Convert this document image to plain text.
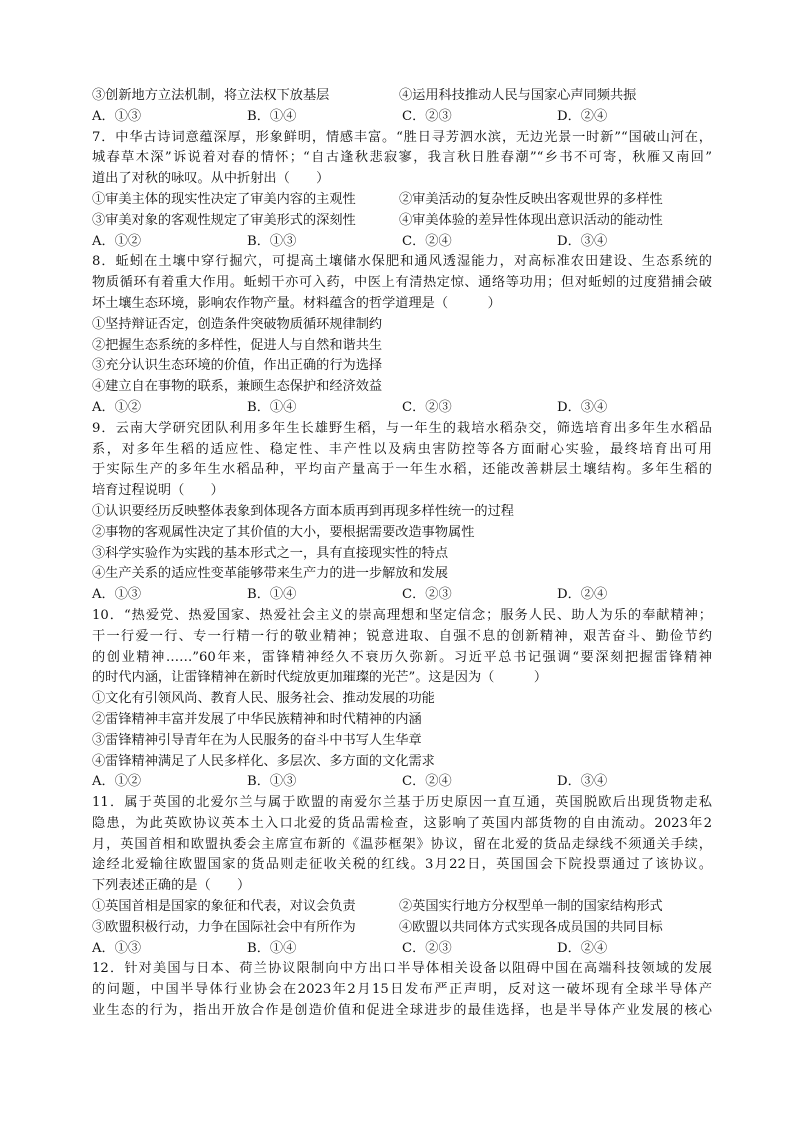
③创新地方立法机制，将立法权下放基层	④运用科技推动人民与国家心声同频共振
A．①③	B．①④	C．②③	D．②④
7．中华古诗词意蕴深厚，形象鲜明，情感丰富。“胜日寻芳泗水滨，无边光景一时新”“国破山河在，
城春草木深”诉说着对春的情怀；“自古逢秋悲寂寥，我言秋日胜春潮”“乡书不可寄，秋雁又南回”
道出了对秋的咏叹。从中折射出（　　）
①审美主体的现实性决定了审美内容的主观性	②审美活动的复杂性反映出客观世界的多样性
③审美对象的客观性规定了审美形式的深刻性	④审美体验的差异性体现出意识活动的能动性
A．①②	B．①③	C．②④	D．③④
8．蚯蚓在土壤中穿行掘穴，可提高土壤储水保肥和通风透湿能力，对高标准农田建设、生态系统的
物质循环有着重大作用。蚯蚓干亦可入药，中医上有清热定惊、通络等功用；但对蚯蚓的过度猎捕会破
坏土壤生态环境，影响农作物产量。材料蕴含的哲学道理是（　　　）
①坚持辩证否定，创造条件突破物质循环规律制约
②把握生态系统的多样性，促进人与自然和谐共生
③充分认识生态环境的价值，作出正确的行为选择
④建立自在事物的联系，兼顾生态保护和经济效益
A．①②	B．①④	C．②③	D．③④
9．云南大学研究团队利用多年生长雄野生稻，与一年生的栽培水稻杂交，筛选培育出多年生水稻品
系，对多年生稻的适应性、稳定性、丰产性以及病虫害防控等各方面耐心实验，最终培育出可用
于实际生产的多年生水稻品种，平均亩产量高于一年生水稻，还能改善耕层土壤结构。多年生稻的
培育过程说明（　　）
①认识要经历反映整体表象到体现各方面本质再到再现多样性统一的过程
②事物的客观属性决定了其价值的大小，要根据需要改造事物属性
③科学实验作为实践的基本形式之一，具有直接现实性的特点
④生产关系的适应性变革能够带来生产力的进一步解放和发展
A．①③	B．①④	C．②③	D．②④
10．“热爱党、热爱国家、热爱社会主义的崇高理想和坚定信念；服务人民、助人为乐的奉献精神；
干一行爱一行、专一行精一行的敬业精神；锐意进取、自强不息的创新精神，艰苦奋斗、勤俭节约
的创业精神……”60年来，雷锋精神经久不衰历久弥新。习近平总书记强调“要深刻把握雷锋精神
的时代内涵，让雷锋精神在新时代绽放更加璀璨的光芒”。这是因为（　　　）
①文化有引领风尚、教育人民、服务社会、推动发展的功能
②雷锋精神丰富并发展了中华民族精神和时代精神的内涵
③雷锋精神引导青年在为人民服务的奋斗中书写人生华章
④雷锋精神满足了人民多样化、多层次、多方面的文化需求
A．①②	B．①③	C．②④	D．③④
11．属于英国的北爱尔兰与属于欧盟的南爱尔兰基于历史原因一直互通，英国脱欧后出现货物走私
隐患，为此英欧协议英本土入口北爱的货品需检查，这影响了英国内部货物的自由流动。2023年2
月，英国首相和欧盟执委会主席宣布新的《温莎框架》协议，留在北爱的货品走绿线不须通关手续，
途经北爱输往欧盟国家的货品则走征收关税的红线。3月22日，英国国会下院投票通过了该协议。
下列表述正确的是（　　）
①英国首相是国家的象征和代表，对议会负责	②英国实行地方分权型单一制的国家结构形式
③欧盟积极行动，力争在国际社会中有所作为	④欧盟以共同体方式实现各成员国的共同目标
A．①③	B．①④	C．②③	D．②④
12．针对美国与日本、荷兰协议限制向中方出口半导体相关设备以阻碍中国在高端科技领域的发展
的问题，中国半导体行业协会在2023年2月15日发布严正声明，反对这一破坏现有全球半导体产
业生态的行为，指出开放合作是创造价值和促进全球进步的最佳选择，也是半导体产业发展的核心
